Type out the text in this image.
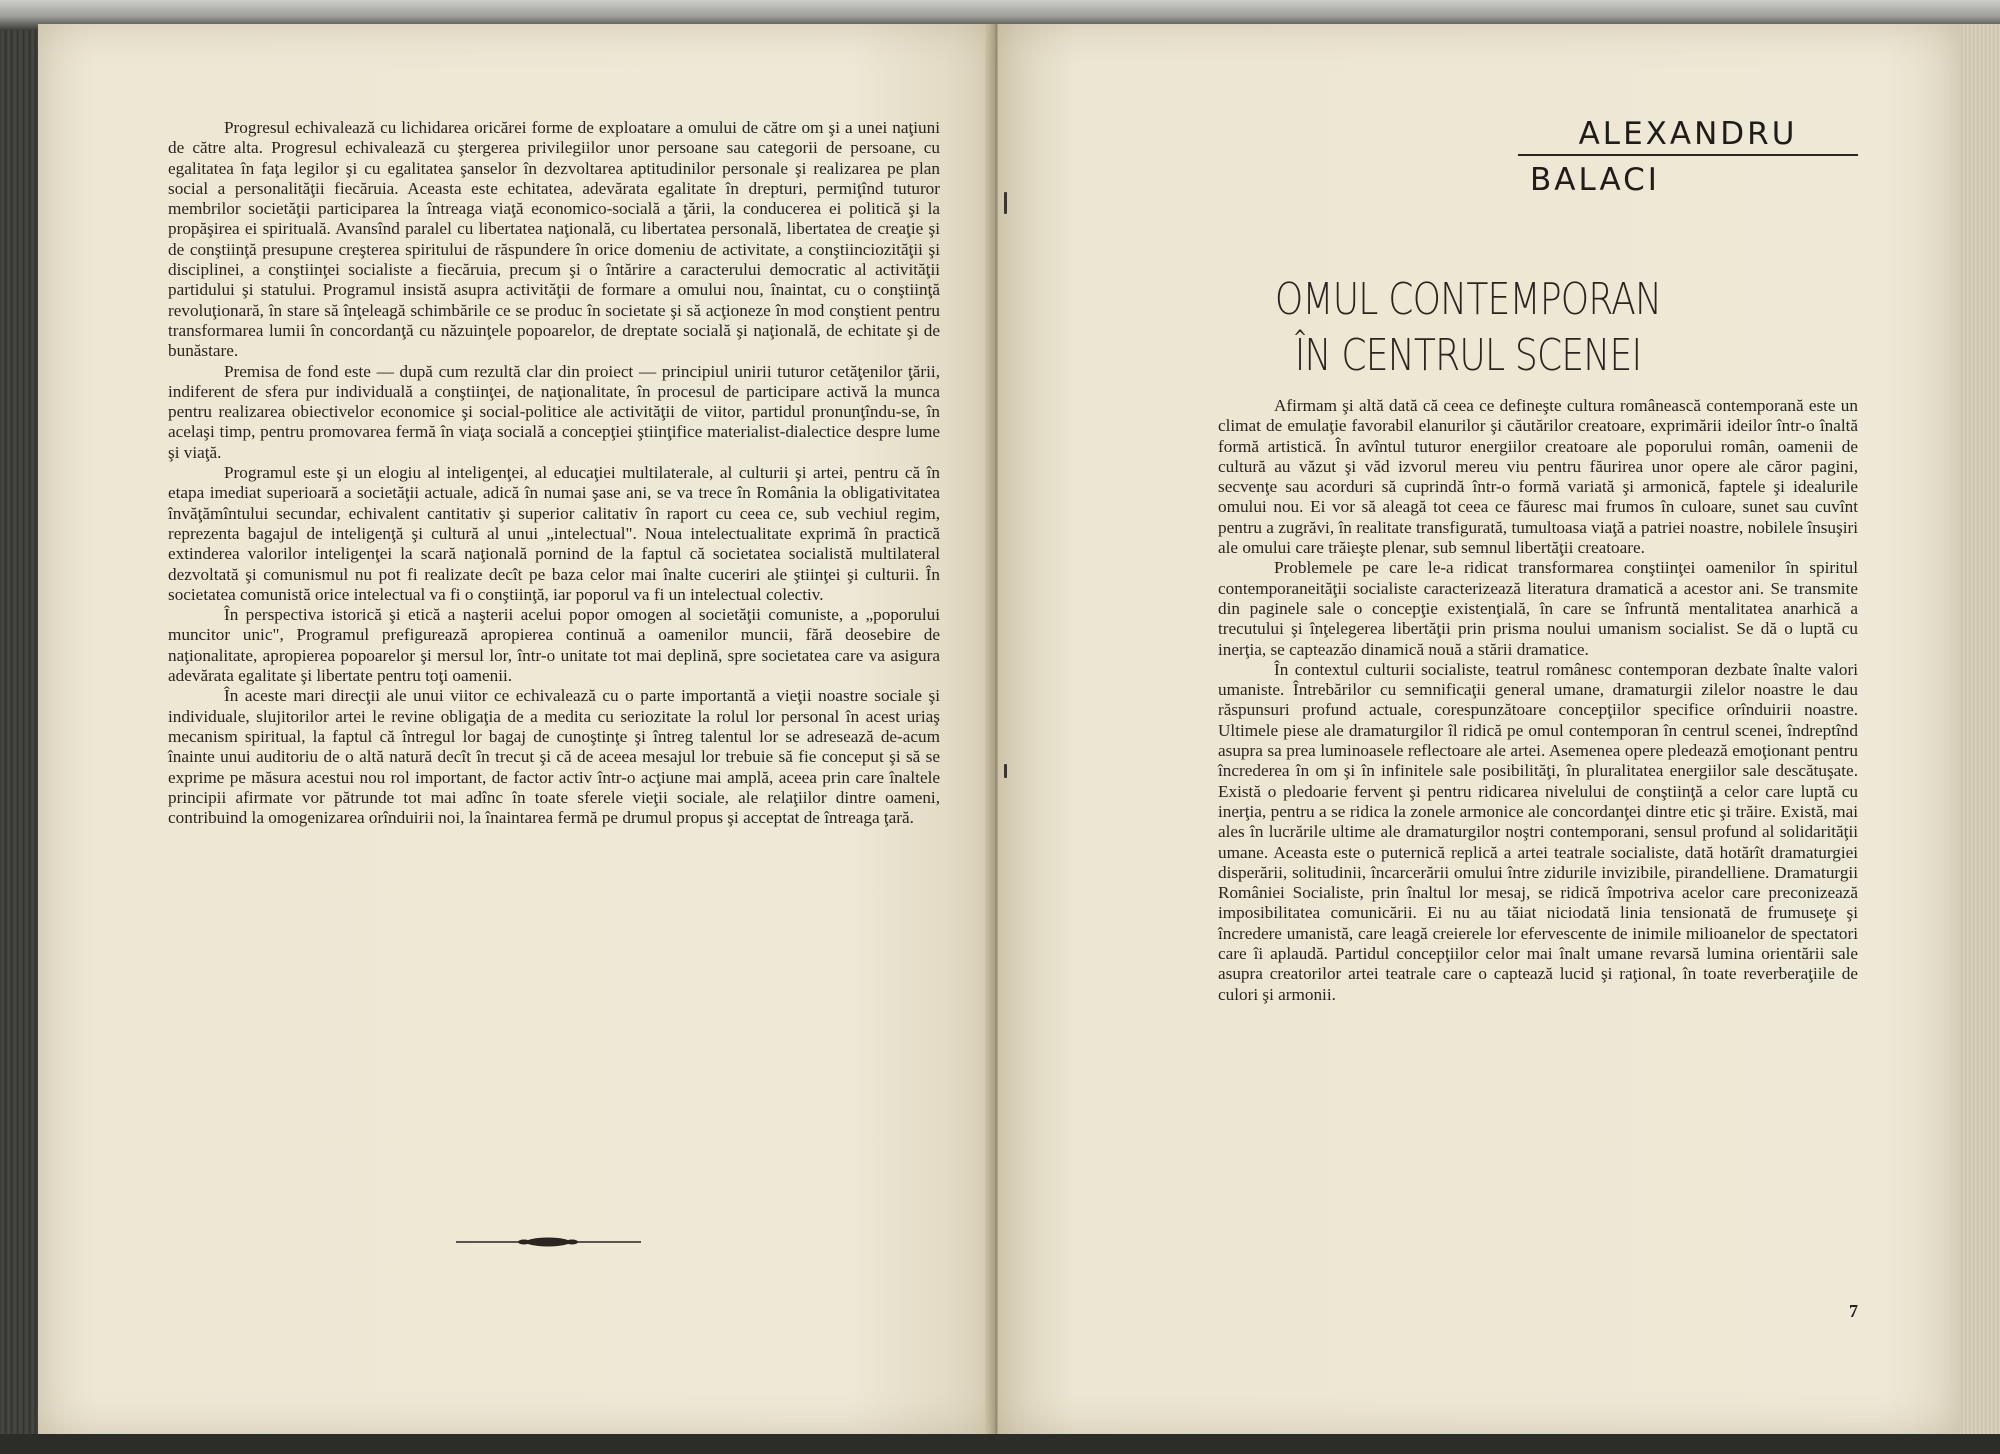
Progresul echivalează cu lichidarea oricărei forme de exploatare a omului de către om şi a unei naţiuni de către alta. Progresul echivalează cu ştergerea privilegiilor unor persoane sau categorii de persoane, cu egalitatea în faţa legilor şi cu egalitatea şanselor în dezvoltarea aptitudinilor personale şi realizarea pe plan social a personalităţii fiecăruia. Aceasta este echitatea, adevărata egalitate în drepturi, permiţînd tuturor membrilor societăţii participarea la întreaga viaţă economico-socială a ţării, la conducerea ei politică şi la propăşirea ei spirituală. Avansînd paralel cu libertatea naţională, cu libertatea personală, libertatea de creaţie şi de conştiinţă presupune creşterea spiritului de răspundere în orice domeniu de activitate, a conştiinciozităţii şi disciplinei, a conştiinţei socialiste a fiecăruia, precum şi o întărire a caracterului democratic al activităţii partidului şi statului. Programul insistă asupra activităţii de formare a omului nou, înaintat, cu o conştiinţă revoluţionară, în stare să înţeleagă schimbările ce se produc în societate şi să acţioneze în mod conştient pentru transformarea lumii în concordanţă cu năzuinţele popoarelor, de dreptate socială şi naţională, de echitate şi de bunăstare.

Premisa de fond este — după cum rezultă clar din proiect — principiul unirii tuturor cetăţenilor ţării, indiferent de sfera pur individuală a conştiinţei, de naţionalitate, în procesul de participare activă la munca pentru realizarea obiectivelor economice şi social-politice ale activităţii de viitor, partidul pronunţîndu-se, în acelaşi timp, pentru promovarea fermă în viaţa socială a concepţiei ştiinţifice materialist-dialectice despre lume şi viaţă.

Programul este şi un elogiu al inteligenţei, al educaţiei multilaterale, al culturii şi artei, pentru că în etapa imediat superioară a societăţii actuale, adică în numai şase ani, se va trece în România la obligativitatea învăţămîntului secundar, echivalent cantitativ şi superior calitativ în raport cu ceea ce, sub vechiul regim, reprezenta bagajul de inteligenţă şi cultură al unui „intelectual". Noua intelectualitate exprimă în practică extinderea valorilor inteligenţei la scară naţională pornind de la faptul că societatea socialistă multilateral dezvoltată şi comunismul nu pot fi realizate decît pe baza celor mai înalte cuceriri ale ştiinţei şi culturii. În societatea comunistă orice intelectual va fi o conştiinţă, iar poporul va fi un intelectual colectiv.

În perspectiva istorică şi etică a naşterii acelui popor omogen al societăţii comuniste, a „poporului muncitor unic", Programul prefigurează apropierea continuă a oamenilor muncii, fără deosebire de naţionalitate, apropierea popoarelor şi mersul lor, într-o unitate tot mai deplină, spre societatea care va asigura adevărata egalitate şi libertate pentru toţi oamenii.

În aceste mari direcţii ale unui viitor ce echivalează cu o parte importantă a vieţii noastre sociale şi individuale, slujitorilor artei le revine obligaţia de a medita cu seriozitate la rolul lor personal în acest uriaş mecanism spiritual, la faptul că întregul lor bagaj de cunoştinţe şi întreg talentul lor se adresează de-acum înainte unui auditoriu de o altă natură decît în trecut şi că de aceea mesajul lor trebuie să fie conceput şi să se exprime pe măsura acestui nou rol important, de factor activ într-o acţiune mai amplă, aceea prin care înaltele principii afirmate vor pătrunde tot mai adînc în toate sferele vieţii sociale, ale relaţiilor dintre oameni, contribuind la omogenizarea orînduirii noi, la înaintarea fermă pe drumul propus şi acceptat de întreaga ţară.

ALEXANDRU
BALACI
OMUL CONTEMPORAN
ÎN CENTRUL SCENEI

Afirmam şi altă dată că ceea ce defineşte cultura românească contemporană este un climat de emulaţie favorabil elanurilor şi căutărilor creatoare, exprimării ideilor într-o înaltă formă artistică. În avîntul tuturor energiilor creatoare ale poporului român, oamenii de cultură au văzut şi văd izvorul mereu viu pentru făurirea unor opere ale căror pagini, secvenţe sau acorduri să cuprindă într-o formă variată şi armonică, faptele şi idealurile omului nou. Ei vor să aleagă tot ceea ce făuresc mai frumos în culoare, sunet sau cuvînt pentru a zugrăvi, în realitate transfigurată, tumultoasa viaţă a patriei noastre, nobilele însuşiri ale omului care trăieşte plenar, sub semnul libertăţii creatoare.

Problemele pe care le-a ridicat transformarea conştiinţei oamenilor în spiritul contemporaneităţii socialiste caracterizează literatura dramatică a acestor ani. Se transmite din paginele sale o concepţie existenţială, în care se înfruntă mentalitatea anarhică a trecutului şi înţelegerea libertăţii prin prisma noului umanism socialist. Se dă o luptă cu inerţia, se capteazăo dinamică nouă a stării dramatice.

În contextul culturii socialiste, teatrul românesc contemporan dezbate înalte valori umaniste. Întrebărilor cu semnificaţii general umane, dramaturgii zilelor noastre le dau răspunsuri profund actuale, corespunzătoare concepţiilor specifice orînduirii noastre. Ultimele piese ale dramaturgilor îl ridică pe omul contemporan în centrul scenei, îndreptînd asupra sa prea luminoasele reflectoare ale artei. Asemenea opere pledează emoţionant pentru încrederea în om şi în infinitele sale posibilităţi, în pluralitatea energiilor sale descătuşate. Există o pledoarie fervent şi pentru ridicarea nivelului de conştiinţă a celor care luptă cu inerţia, pentru a se ridica la zonele armonice ale concordanţei dintre etic şi trăire. Există, mai ales în lucrările ultime ale dramaturgilor noştri contemporani, sensul profund al solidarităţii umane. Aceasta este o puternică replică a artei teatrale socialiste, dată hotărît dramaturgiei disperării, solitudinii, încarcerării omului între zidurile invizibile, pirandelliene. Dramaturgii României Socialiste, prin înaltul lor mesaj, se ridică împotriva acelor care preconizează imposibilitatea comunicării. Ei nu au tăiat niciodată linia tensionată de frumuseţe şi încredere umanistă, care leagă creierele lor efervescente de inimile milioanelor de spectatori care îi aplaudă. Partidul concepţiilor celor mai înalt umane revarsă lumina orientării sale asupra creatorilor artei teatrale care o captează lucid şi raţional, în toate reverberaţiile de culori şi armonii.

7
